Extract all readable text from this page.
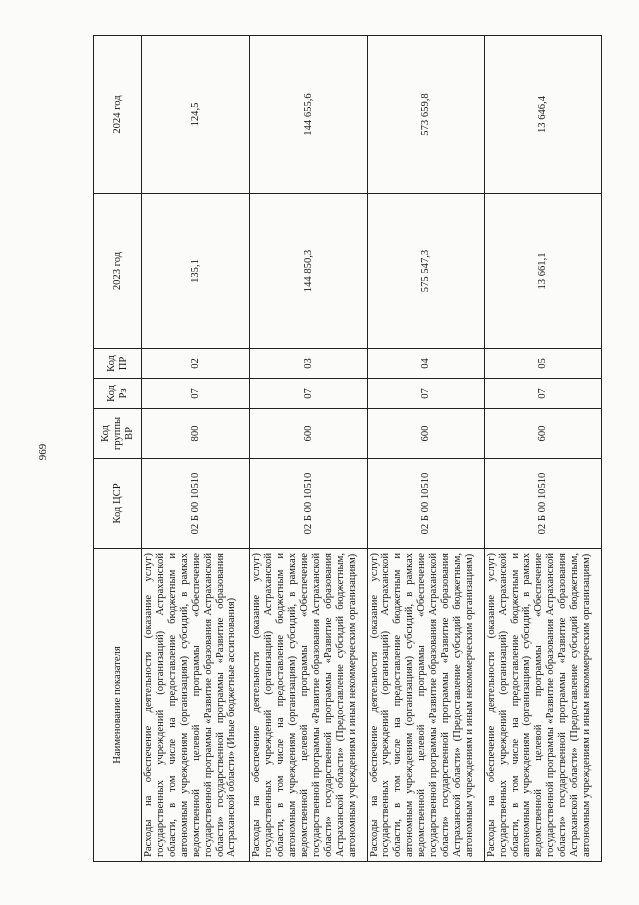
969
Наименование показателя	Код ЦСР	Код группы ВР	Код Рз	Код ПР	2023 год	2024 год
Расходы на обеспечение деятельности (оказание услуг) государственных учреждений (организаций) Астраханской области, в том числе на предоставление бюджетным и автономным учреждениям (организациям) субсидий, в рамках ведомственной целевой программы «Обеспечение государственной программы «Развитие образования Астраханской области» государственной программы «Развитие образования Астраханской области» (Иные бюджетные ассигнования)	02 Б 00 10510	800	07	02	135,1	124,5
Расходы на обеспечение деятельности (оказание услуг) государственных учреждений (организаций) Астраханской области, в том числе на предоставление бюджетным и автономным учреждениям (организациям) субсидий, в рамках ведомственной целевой программы «Обеспечение государственной программы «Развитие образования Астраханской области» государственной программы «Развитие образования Астраханской области» (Предоставление субсидий бюджетным, автономным учреждениям и иным некоммерческим организациям)	02 Б 00 10510	600	07	03	144 850,3	144 655,6
Расходы на обеспечение деятельности (оказание услуг) государственных учреждений (организаций) Астраханской области, в том числе на предоставление бюджетным и автономным учреждениям (организациям) субсидий, в рамках ведомственной целевой программы «Обеспечение государственной программы «Развитие образования Астраханской области» государственной программы «Развитие образования Астраханской области» (Предоставление субсидий бюджетным, автономным учреждениям и иным некоммерческим организациям)	02 Б 00 10510	600	07	04	575 547,3	573 659,8
Расходы на обеспечение деятельности (оказание услуг) государственных учреждений (организаций) Астраханской области, в том числе на предоставление бюджетным и автономным учреждениям (организациям) субсидий, в рамках ведомственной целевой программы «Обеспечение государственной программы «Развитие образования Астраханской области» государственной программы «Развитие образования Астраханской области» (Предоставление субсидий бюджетным, автономным учреждениям и иным некоммерческим организациям)	02 Б 00 10510	600	07	05	13 661,1	13 646,4
